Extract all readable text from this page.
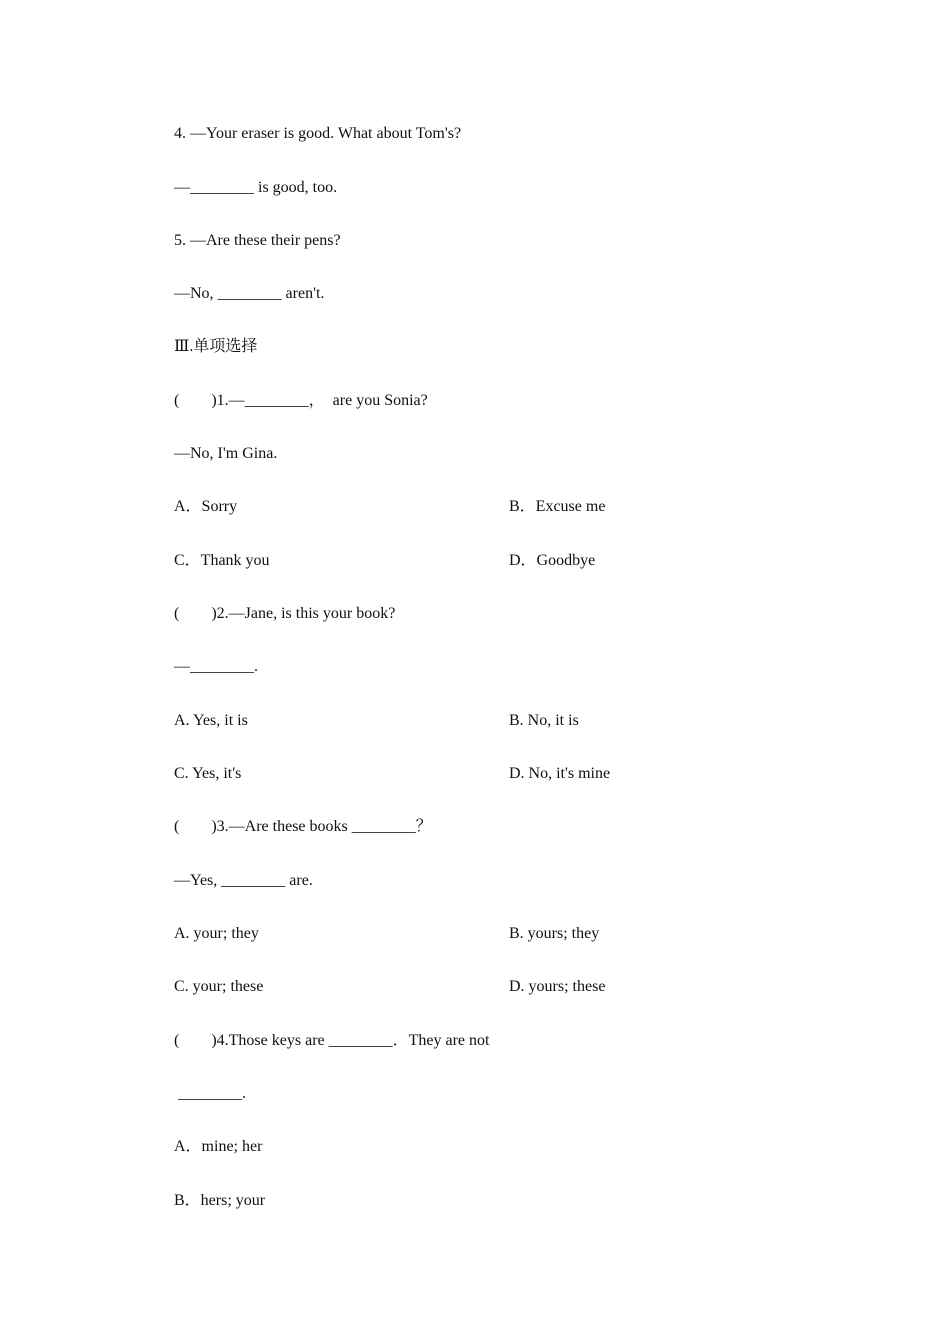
4. —Your eraser is good. What about Tom's?
—________ is good, too.
5. —Are these their pens?
—No, ________ aren't.
Ⅲ.单项选择
(　　)1.—________，  are you Sonia?
—No, I'm Gina.
A．Sorry	B．Excuse me
C．Thank you	D．Goodbye
(　　)2.—Jane, is this your book?
—________.
A. Yes, it is	B. No, it is
C. Yes, it's	D. No, it's mine
(　　)3.—Are these books ________？
—Yes, ________ are.
A. your; they	B. yours; they
C. your; these	D. yours; these
(　　)4.Those keys are ________．They are not
________.
A．mine; her
B．hers; your
